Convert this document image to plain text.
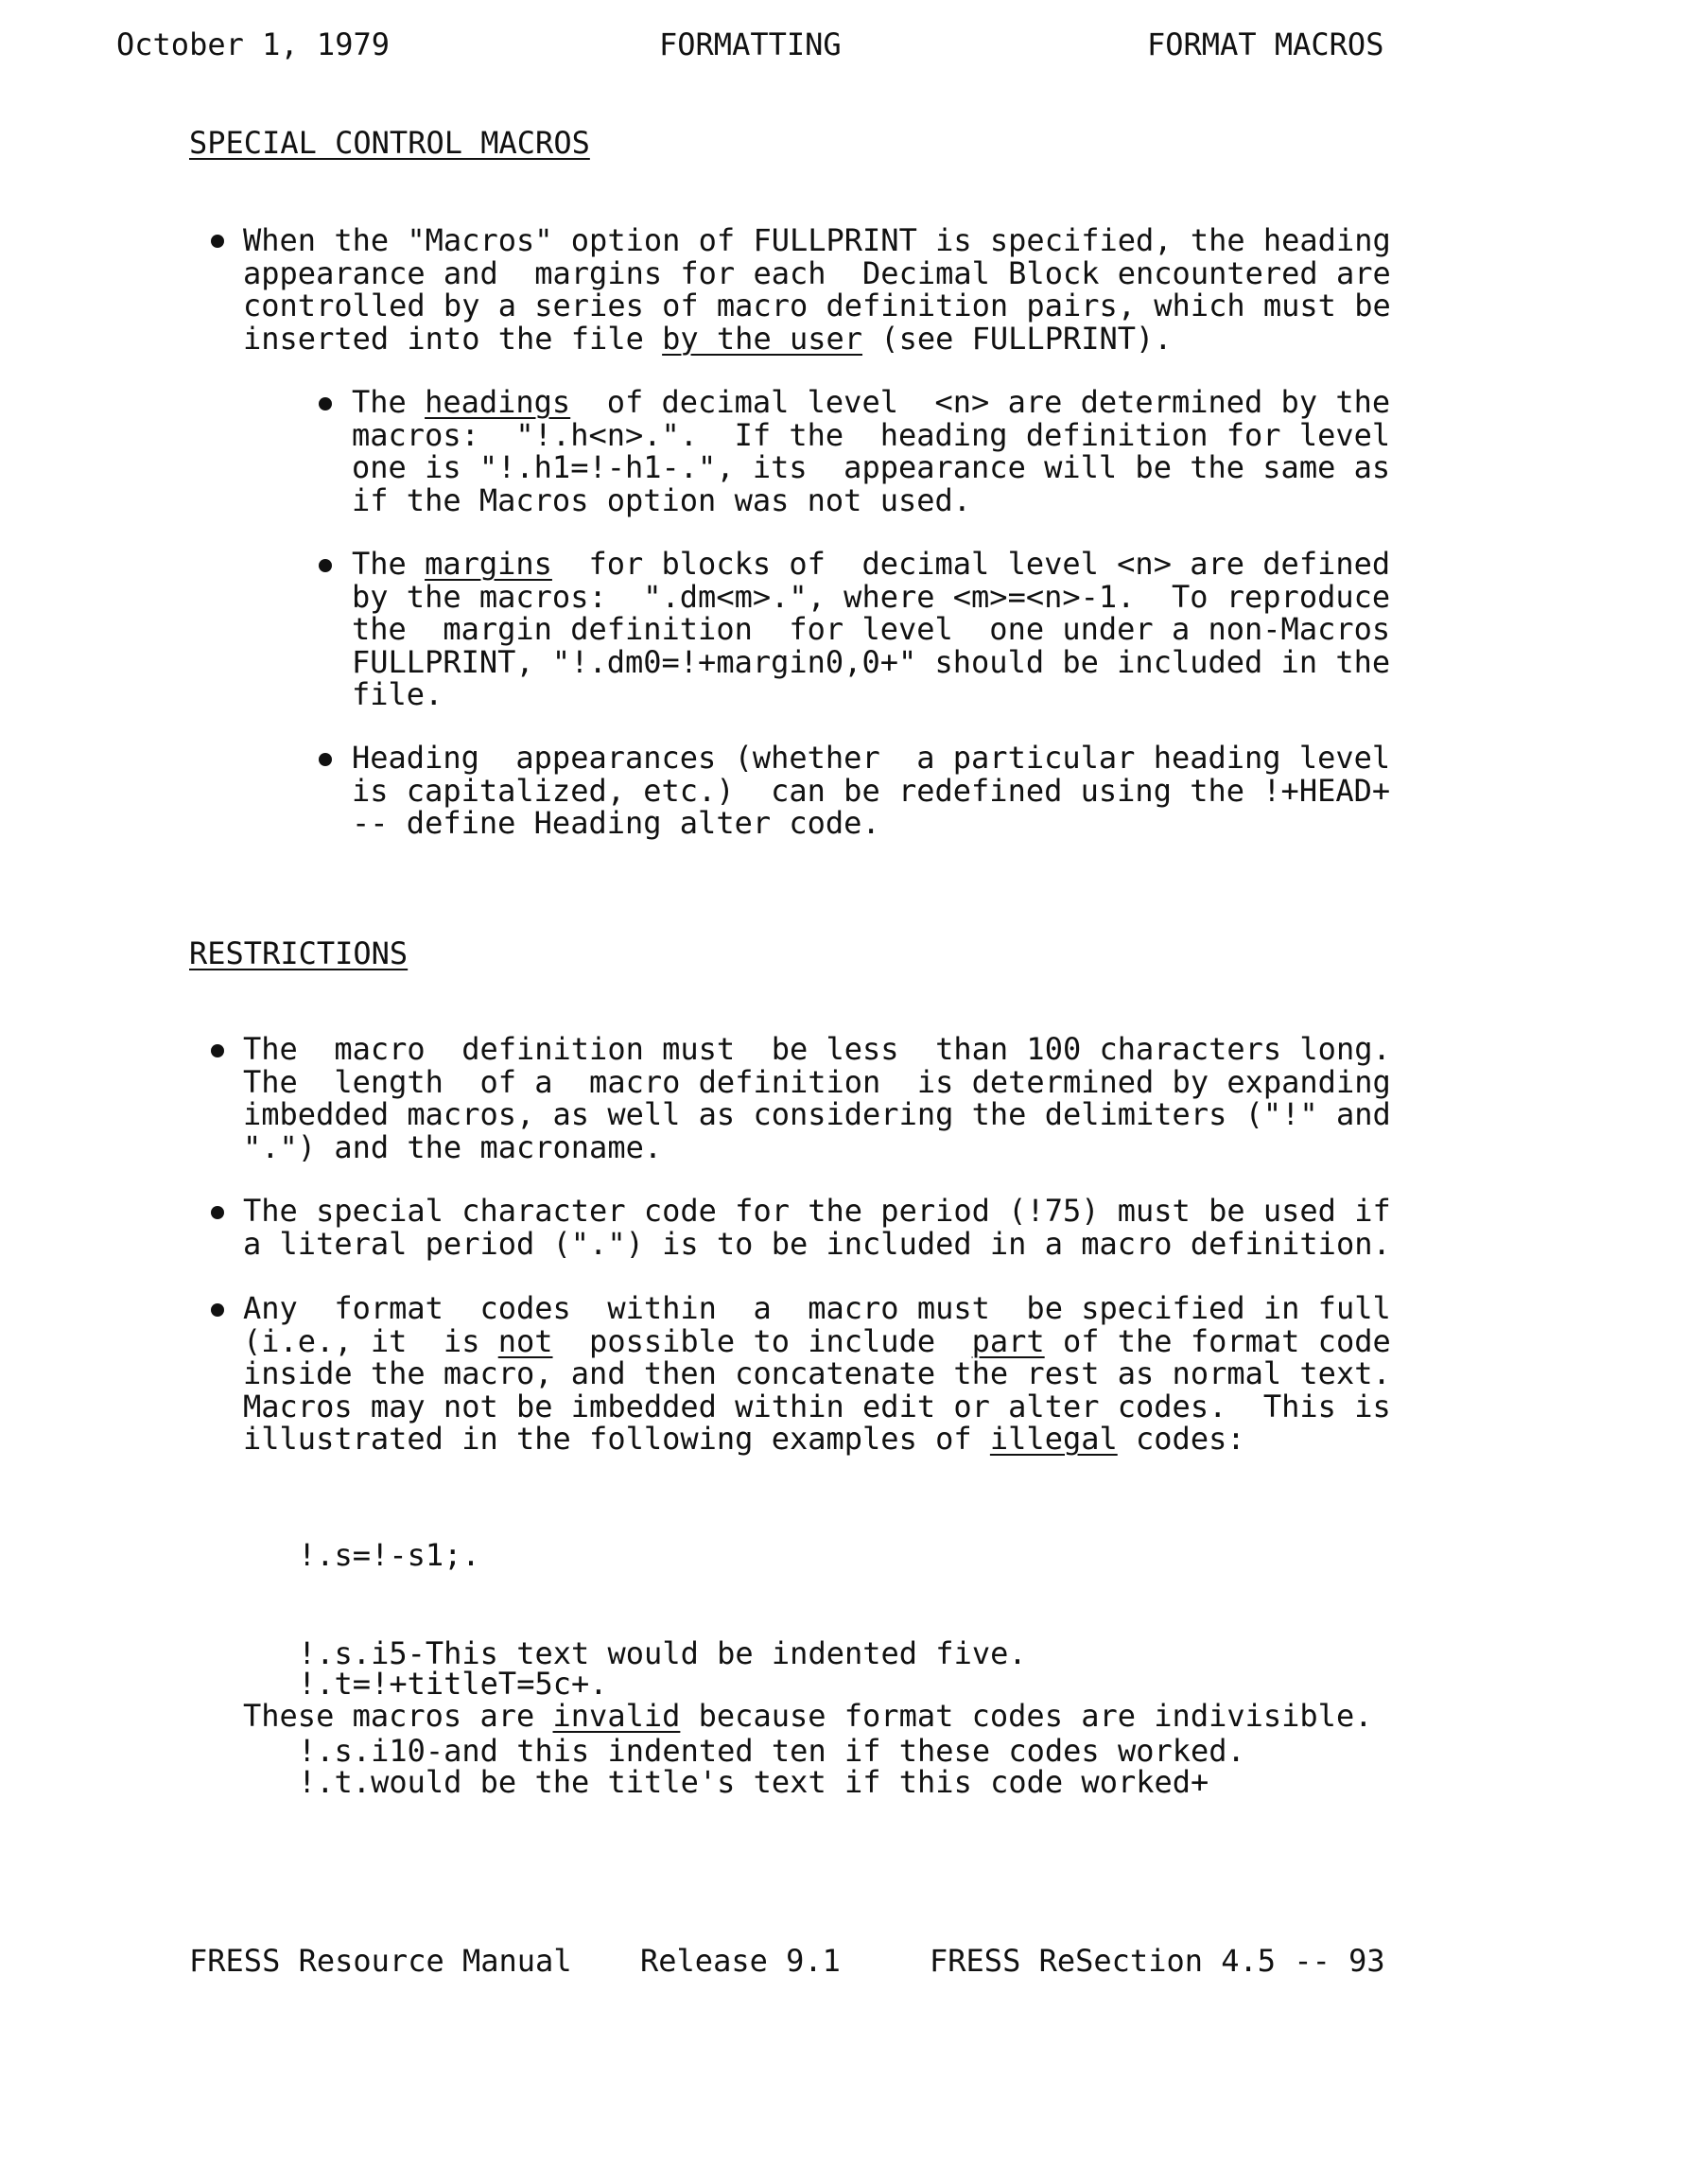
October 1, 1979	FORMATTING	FORMAT MACROS
SPECIAL CONTROL MACROS
When the "Macros" option of FULLPRINT is specified, the heading
appearance and  margins for each  Decimal Block encountered are
controlled by a series of macro definition pairs, which must be
inserted into the file by the user (see FULLPRINT).
The headings  of decimal level  <n> are determined by the
macros:  "!.h<n>.".  If the  heading definition for level
one is "!.h1=!-h1-.", its  appearance will be the same as
if the Macros option was not used.
The margins  for blocks of  decimal level <n> are defined
by the macros:  ".dm<m>.", where <m>=<n>-1.  To reproduce
the  margin definition  for level  one under a non-Macros
FULLPRINT, "!.dm0=!+margin0,0+" should be included in the
file.
Heading  appearances (whether  a particular heading level
is capitalized, etc.)  can be redefined using the !+HEAD+
-- define Heading alter code.
RESTRICTIONS
The  macro  definition must  be less  than 100 characters long.
The  length  of a  macro definition  is determined by expanding
imbedded macros, as well as considering the delimiters ("!" and
".") and the macroname.
The special character code for the period (!75) must be used if
a literal period (".") is to be included in a macro definition.
Any  format  codes  within  a  macro must  be specified in full
(i.e., it  is not  possible to include  part of the format code
inside the macro, and then concatenate the rest as normal text.
Macros may not be imbedded within edit or alter codes.  This is
illustrated in the following examples of illegal codes:

!.s=!-s1;.

!.s.i5-This text would be indented five.

!.s.i10-and this indented ten if these codes worked.

!.t=!+titleT=5c+.

!.t.would be the title's text if this code worked+

These macros are invalid because format codes are indivisible.
FRESS Resource Manual Release 9.1	FRESS ReSection 4.5 -- 93
